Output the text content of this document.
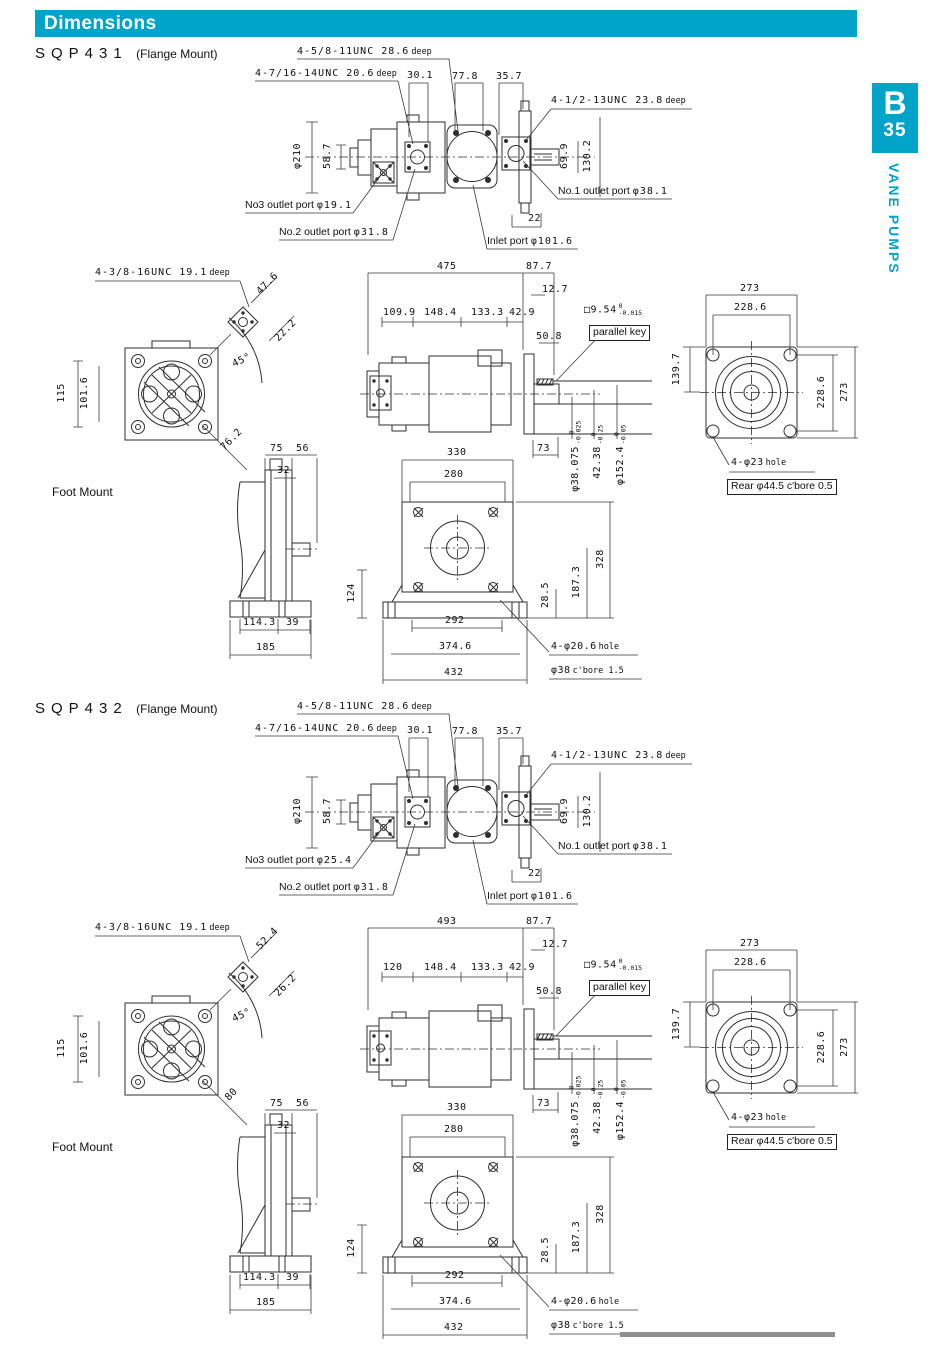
Dimensions
B
35
VANE PUMPS
SQP431 (Flange Mount)	4-5/8-11UNC 28.6 deep
4-7/16-14UNC 20.6 deep 30.1 77.8 35.7
4-1/2-13UNC 23.8 deep
φ210 58.7	69.9 130.2
No3 outlet port φ19.1
No.2 outlet port φ31.8
No.1 outlet port φ38.1
22
Inlet port φ101.6
4-3/8-16UNC 19.1 deep	47.6
22.2
45°
115 101.6
76.2
475	87.7
12.7
109.9 148.4 133.3 42.9
50.8
□9.54 0
-0.015
parallel key
73 φ38.075
0
-0.025
42.38
0
-0.25
φ152.4
0
-0.05
273
228.6
139.7
228.6 273
4-φ23 hole
Rear φ44.5 c'bore 0.5
Foot Mount
75 56
32
114.3 39
185
330
280
124
292
374.6
432
328
187.3
28.5
4-φ20.6 hole
φ38 c'bore 1.5
SQP432 (Flange Mount)	4-5/8-11UNC 28.6 deep
4-7/16-14UNC 20.6 deep 30.1 77.8 35.7
4-1/2-13UNC 23.8 deep
φ210 58.7	69.9 130.2
No3 outlet port φ25.4
No.2 outlet port φ31.8
No.1 outlet port φ38.1
22
Inlet port φ101.6
4-3/8-16UNC 19.1 deep	52.4
26.2
45°
115 101.6
80
493	87.7
12.7
120 148.4 133.3 42.9
50.8
□9.54 0
-0.015
parallel key
73 φ38.075
0
-0.025
42.38
0
-0.25
φ152.4
0
-0.05
273
228.6
139.7
228.6 273
4-φ23 hole
Rear φ44.5 c'bore 0.5
Foot Mount
75 56
32
114.3 39
185
330
280
124
292
374.6
432
328
187.3
28.5
4-φ20.6 hole
φ38 c'bore 1.5
